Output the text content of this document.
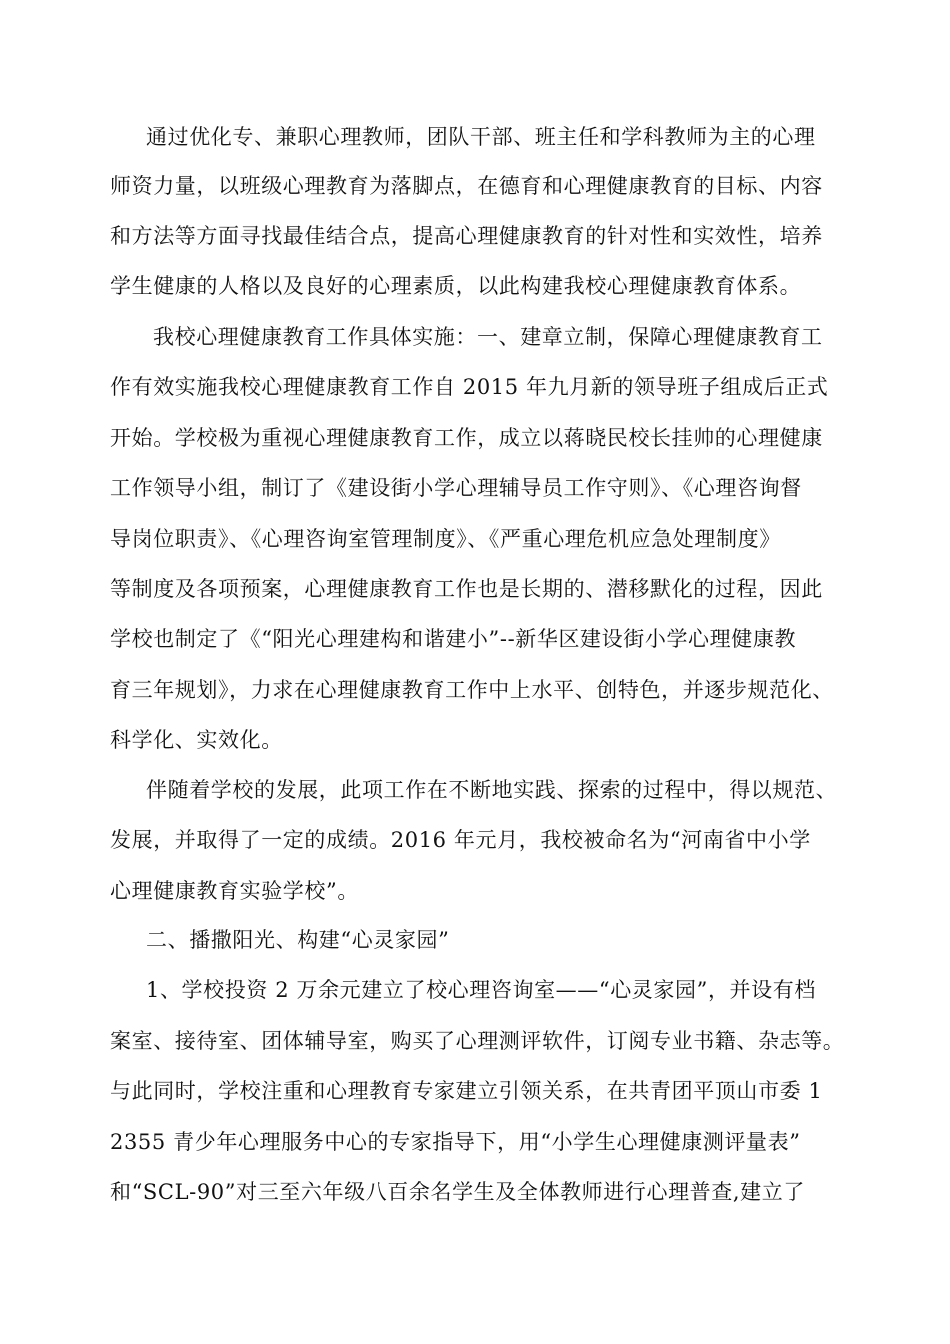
通过优化专、兼职心理教师，团队干部、班主任和学科教师为主的心理
师资力量，以班级心理教育为落脚点，在德育和心理健康教育的目标、内容
和方法等方面寻找最佳结合点，提高心理健康教育的针对性和实效性，培养
学生健康的人格以及良好的心理素质，以此构建我校心理健康教育体系。
我校心理健康教育工作具体实施：一、建章立制，保障心理健康教育工
作有效实施我校心理健康教育工作自 2015 年九月新的领导班子组成后正式
开始。学校极为重视心理健康教育工作，成立以蒋晓民校长挂帅的心理健康
工作领导小组，制订了《建设街小学心理辅导员工作守则》、《心理咨询督
导岗位职责》、《心理咨询室管理制度》、《严重心理危机应急处理制度》
等制度及各项预案，心理健康教育工作也是长期的、潜移默化的过程，因此
学校也制定了《“阳光心理建构和谐建小”--新华区建设街小学心理健康教
育三年规划》，力求在心理健康教育工作中上水平、创特色，并逐步规范化、
科学化、实效化。
伴随着学校的发展，此项工作在不断地实践、探索的过程中，得以规范、
发展，并取得了一定的成绩。2016 年元月，我校被命名为“河南省中小学
心理健康教育实验学校”。
二、播撒阳光、构建“心灵家园”
1、学校投资 2 万余元建立了校心理咨询室——“心灵家园”，并设有档
案室、接待室、团体辅导室，购买了心理测评软件，订阅专业书籍、杂志等。
与此同时，学校注重和心理教育专家建立引领关系，在共青团平顶山市委 1
2355 青少年心理服务中心的专家指导下，用“小学生心理健康测评量表”
和“SCL-90”对三至六年级八百余名学生及全体教师进行心理普查,建立了
